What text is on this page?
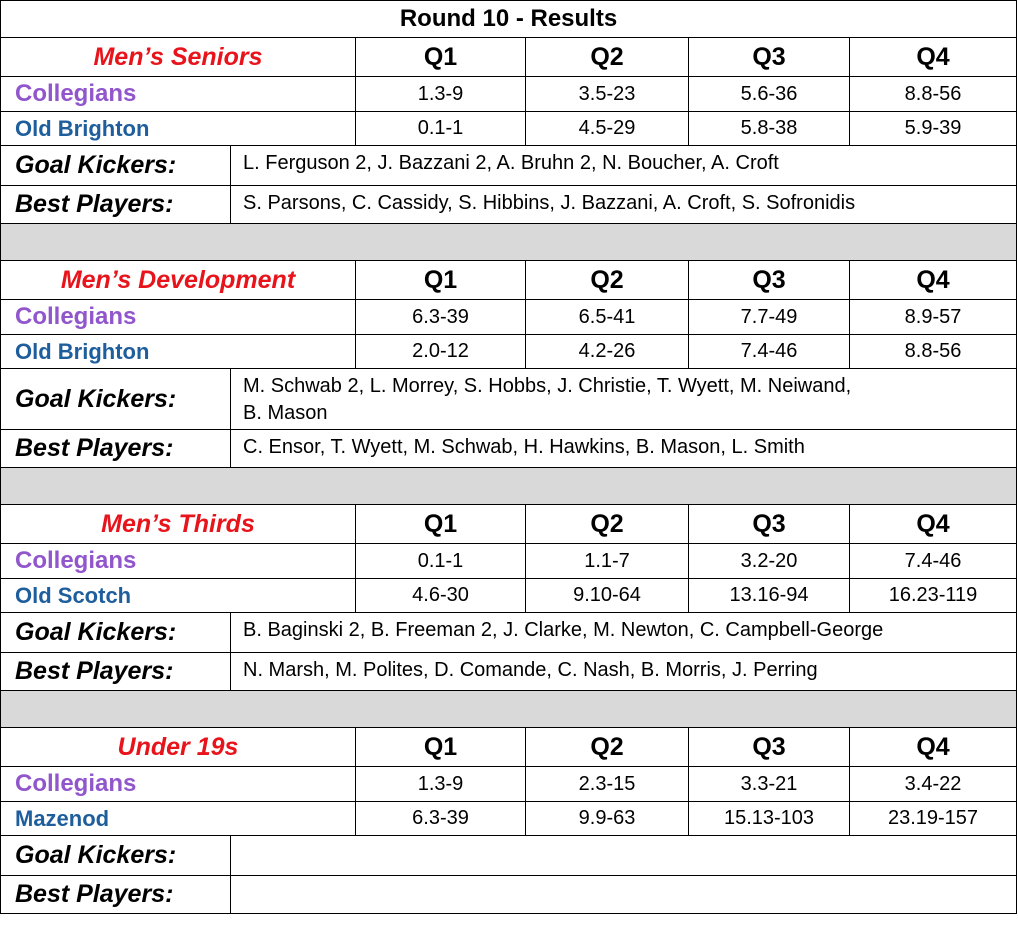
Round 10 - Results					
Men’s Seniors		Q1	Q2	Q3	Q4
Collegians		1.3-9	3.5-23	5.6-36	8.8-56
Old Brighton		0.1-1	4.5-29	5.8-38	5.9-39
Goal Kickers:	L. Ferguson 2, J. Bazzani 2, A. Bruhn 2, N. Boucher, A. Croft				
Best Players:	S. Parsons, C. Cassidy, S. Hibbins, J. Bazzani, A. Croft, S. Sofronidis				

Men’s Development		Q1	Q2	Q3	Q4
Collegians		6.3-39	6.5-41	7.7-49	8.9-57
Old Brighton		2.0-12	4.2-26	7.4-46	8.8-56
Goal Kickers:	M. Schwab 2, L. Morrey, S. Hobbs, J. Christie, T. Wyett, M. Neiwand,
B. Mason				

Best Players:	C. Ensor, T. Wyett, M. Schwab, H. Hawkins, B. Mason, L. Smith				

Men’s Thirds		Q1	Q2	Q3	Q4
Collegians		0.1-1	1.1-7	3.2-20	7.4-46
Old Scotch		4.6-30	9.10-64	13.16-94	16.23-119
Goal Kickers:	B. Baginski 2, B. Freeman 2, J. Clarke, M. Newton, C. Campbell-George				
Best Players:	N. Marsh, M. Polites, D. Comande, C. Nash, B. Morris, J. Perring				

Under 19s		Q1	Q2	Q3	Q4
Collegians		1.3-9	2.3-15	3.3-21	3.4-22
Mazenod		6.3-39	9.9-63	15.13-103	23.19-157
Goal Kickers:					
Best Players:					
